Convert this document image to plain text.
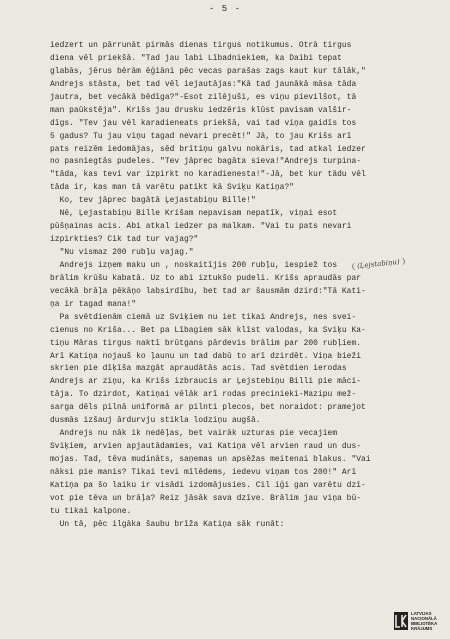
- 5 -
iedzert un pārrunāt pirmās dienas tirgus notikumus. Otrā tirgus
diena vēl priekšā. "Tad jau labi Lībadniekiem, ka Daibi tepat
glabās, jērus bērām ēģiāni pēc vecas parašas zags kaut kur tālāk,"
Andrejs stāsta, bet tad vēl iejautājas:"Kā tad jaunākā māsa tāda
jautra, bet vecākā bēdīga?"-Esot zilējuši, es viņu pievilšot, tā
man paūkstēja". Krišs jau drusku iedzēris klūst pavisam valšir-
dīgs. "Tev jau vēl karadieneats priekšā, vai tad viņa gaidīs tos
5 gadus? Tu jau viņu tagad nevari precēt!" Jā, to jau Krišs arī
pats reizēm iedomājas, sēd brītiņu galvu nokāris, tad atkal iedzer
no pasniegtās pudeles. "Tev jāprec bagāta sieva!"Andrejs turpina-
"tāda, kas tevi var izpirkt no karadienesta!"-Jā, bet kur tādu vēl
tāda ir, kas man tā varētu patikt kā Sviķu Katiņa?"
Ko, tev jāprec bagātā Ļejastabiņu Bille!"
Nē, Ļejastabiņu Bille Krišam nepavisam nepatīk, viņai esot
pūšņainas acis. Abi atkal iedzer pa malkam. "Vai tu pats nevari
izpirkties? Cik tad tur vajag?"
"Nu vismaz 200 rubļu vajag."
Andrejs izņem maku un , noskaitījis 200 rubļu, iespiež tos
brālim krūšu kabatā. Uz to abi iztukšo pudeli. Krišs apraudās par
vecākā brāļa pēkāņo labsirdību, bet tad ar šausmām dzird:"Tā Kati-
ņa ir tagad mana!"
Pa svētdienām ciemā uz Sviķiem nu iet tikai Andrejs, nes svei-
cienus no Kriša... Bet pa Lībagiem sāk klīst valodas, ka Sviķu Ka-
tiņu Māras tirgus naktī brūtgans pārdevis brālim par 200 rubļiem.
Arī Katiņa nojauš ko ļaunu un tad dabū to arī dzirdēt. Viņa bieži
skrien pie dīķīša mazgāt apraudātās acis. Tad svētdien ierodas
Andrejs ar ziņu, ka Krišs izbraucis ar Ļejstebiņu Billi pie māci-
tāja. To dzirdot, Katiņai vēlāk arī rodas precinieki-Mazipu mež-
sarga dēls pilnā uniformā ar pilnti plecos, bet noraidot: pramejot
dusmās izšauj ārdurvju stikla lodziņu augšā.
Andrejs nu nāk ik nedēļas, bet vairāk uzturas pie vecajiem
Sviķiem, arvien apjautādamies, vai Katiņa vēl arvien raud un dus-
mojas. Tad, tēva mudināts, saņemas un apsēžas meitenai blakus. "Vai
nāksi pie manis? Tikai tevi mīlēdems, iedevu viņam tos 200!" Arī
Katiņa pa šo laiku ir visādi izdomājusies. Cil iģi gan varētu dzī-
vot pie tēva un brāļa? Reiz jāsāk sava dzīve. Brālim jau viņa bū-
tu tikai kalpone.
Un tā, pēc ilgāka šaubu brīža Katiņa sāk runāt:
(Ļejstabiņu)
LATVIJAS
NACIONĀLĀ
BIBLIOTĒKA
KRĀJUMS
